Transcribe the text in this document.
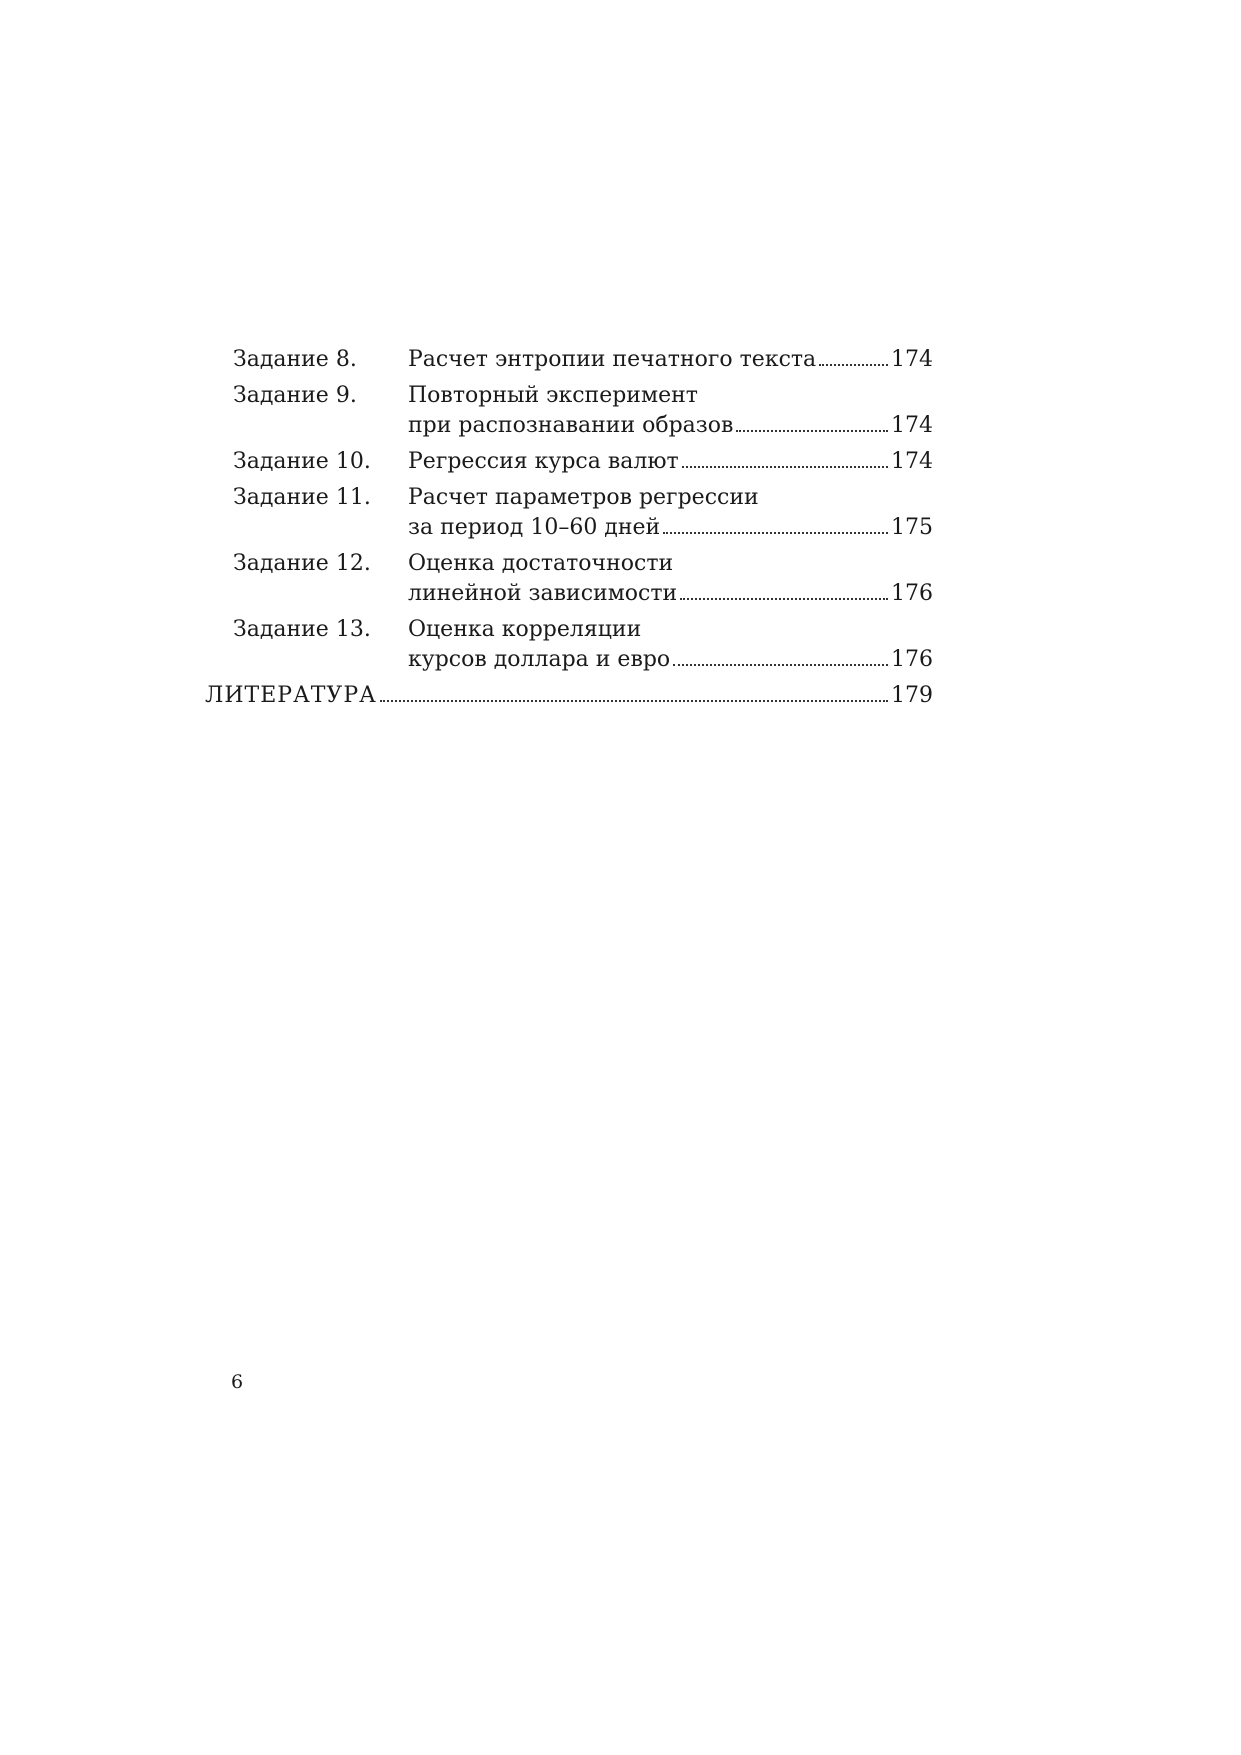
Задание 8.	Расчет энтропии печатного текста	174
Задание 9.	Повторный эксперимент
при распознавании образов	174
Задание 10.	Регрессия курса валют	174
Задание 11.	Расчет параметров регрессии
за период 10–60 дней	175
Задание 12.	Оценка достаточности
линейной зависимости	176
Задание 13.	Оценка корреляции
курсов доллара и евро	176
ЛИТЕРАТУРА	179
6
